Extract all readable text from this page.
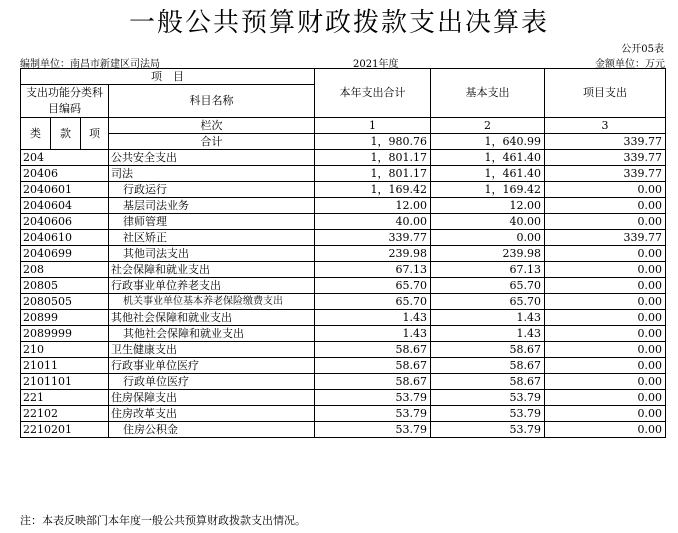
一般公共预算财政拨款支出决算表
公开05表
编制单位：南昌市新建区司法局	2021年度	金额单位：万元
项　目				本年支出合计	基本支出	项目支出
支出功能分类科目编码			科目名称			

类	款	项	栏次	1	2	3
			合计	1，980.76	1，640.99	339.77
204			公共安全支出	1，801.17	1，461.40	339.77
20406			司法	1，801.17	1，461.40	339.77
2040601			行政运行	1，169.42	1，169.42	0.00
2040604			基层司法业务	12.00	12.00	0.00
2040606			律师管理	40.00	40.00	0.00
2040610			社区矫正	339.77	0.00	339.77
2040699			其他司法支出	239.98	239.98	0.00
208			社会保障和就业支出	67.13	67.13	0.00
20805			行政事业单位养老支出	65.70	65.70	0.00
2080505			机关事业单位基本养老保险缴费支出	65.70	65.70	0.00
20899			其他社会保障和就业支出	1.43	1.43	0.00
2089999			其他社会保障和就业支出	1.43	1.43	0.00
210			卫生健康支出	58.67	58.67	0.00
21011			行政事业单位医疗	58.67	58.67	0.00
2101101			行政单位医疗	58.67	58.67	0.00
221			住房保障支出	53.79	53.79	0.00
22102			住房改革支出	53.79	53.79	0.00
2210201			住房公积金	53.79	53.79	0.00
注：本表反映部门本年度一般公共预算财政拨款支出情况。
